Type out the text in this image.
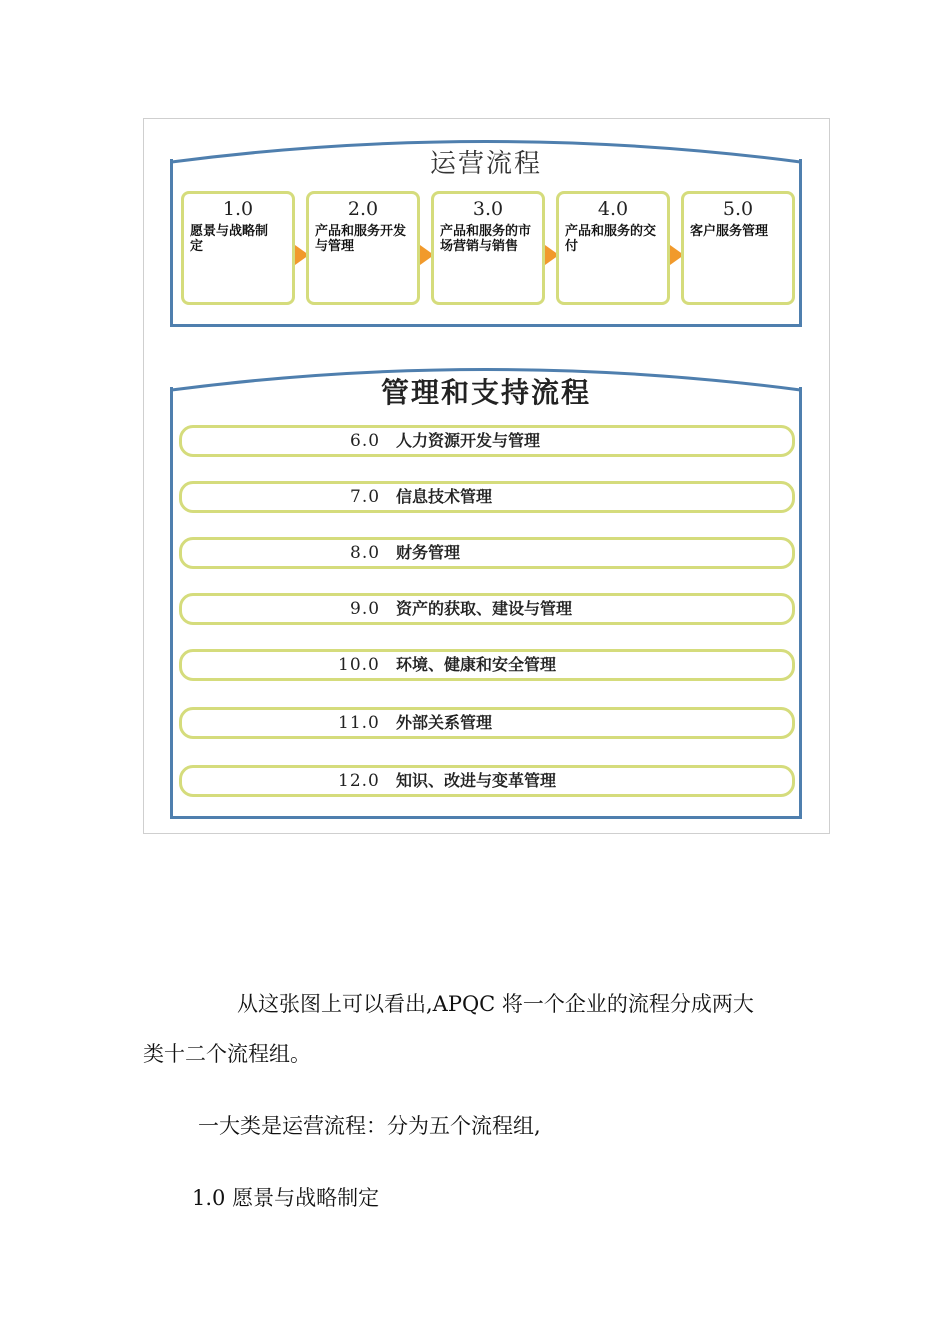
运营流程
1.0
愿景与战略制定
2.0
产品和服务开发与管理
3.0
产品和服务的市场营销与销售
4.0
产品和服务的交付
5.0
客户服务管理
管理和支持流程
6.0 人力资源开发与管理
7.0 信息技术管理
8.0 财务管理
9.0 资产的获取、建设与管理
10.0 环境、健康和安全管理
11.0 外部关系管理
12.0 知识、改进与变革管理

从这张图上可以看出,APQC 将一个企业的流程分成两大

类十二个流程组。

一大类是运营流程：分为五个流程组,

1.0 愿景与战略制定
